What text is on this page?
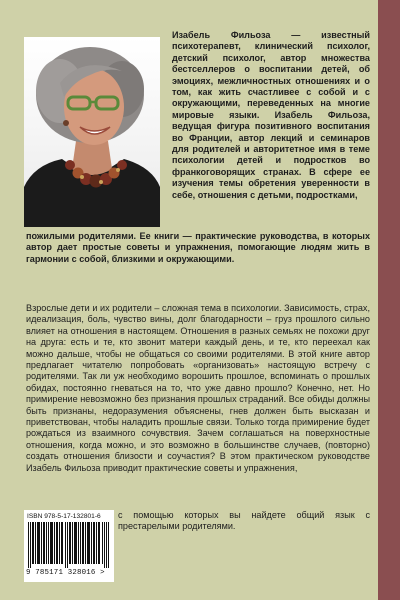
Изабель Фильоза — известный психотерапевт, клинический психолог, детский психолог, автор множества бестселлеров о воспитании детей, об эмоциях, межличностных отношениях и о том, как жить счастливее с собой и с окружающими, переведенных на многие мировые языки. Изабель Фильоза, ведущая фигура позитивного воспитания во Франции, автор лекций и семинаров для родителей и авторитетное имя в теме психологии детей и подростков во франкоговорящих странах. В сфере ее изучения темы обретения уверенности в себе, отношения с детьми, подростками,

пожилыми родителями. Ее книги — практические руководства, в которых автор дает простые советы и упражнения, помогающие людям жить в гармонии с собой, близкими и окружающими.

Взрослые дети и их родители – сложная тема в психологии. Зависимость, страх, идеализация, боль, чувство вины, долг благодарности – груз прошлого сильно влияет на отношения в настоящем. Отношения в разных семьях не похожи друг на друга: есть и те, кто звонит матери каждый день, и те, кто переехал как можно дальше, чтобы не общаться со своими родителями. В этой книге автор предлагает читателю попробовать «организовать» настоящую встречу с родителями. Так ли уж необходимо ворошить прошлое, вспоминать о прошлых обидах, постоянно гневаться на то, что уже давно прошло? Конечно, нет. Но примирение невозможно без признания прошлых страданий. Все обиды должны быть признаны, недоразумения объяснены, гнев должен быть высказан и приветствован, чтобы наладить прошлые связи. Только тогда примирение будет рождаться из взаимного сочувствия. Зачем соглашаться на поверхностные отношения, когда можно, и это возможно в большинстве случаев, (повторно) создать отношения близости и соучастия? В этом практическом руководстве Изабель Фильоза приводит практические советы и упражнения,

с помощью которых вы найдете общий язык с престарелыми родителями.

ISBN 978-5-17-132801-6
9 785171 328016 >
